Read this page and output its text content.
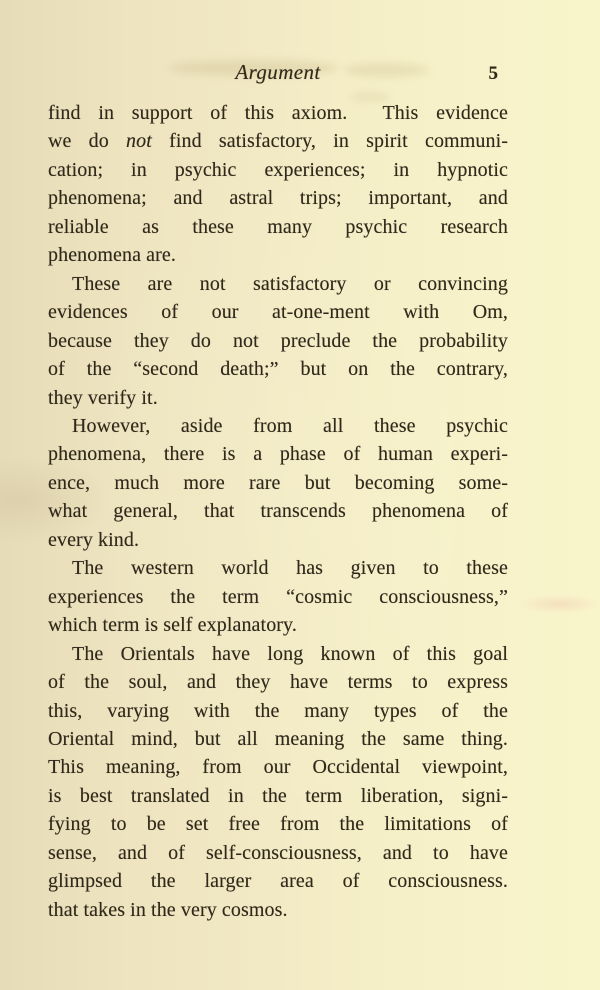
Argument	5
find in support of this axiom.  This evidence
we do not find satisfactory, in spirit communi-
cation; in psychic experiences; in hypnotic
phenomena; and astral trips; important, and
reliable as these many psychic research
phenomena are.
These are not satisfactory or convincing
evidences of our at-one-ment with Om,
because they do not preclude the probability
of the “second death;” but on the contrary,
they verify it.
However, aside from all these psychic
phenomena, there is a phase of human experi-
ence, much more rare but becoming some-
what general, that transcends phenomena of
every kind.
The western world has given to these
experiences the term “cosmic consciousness,”
which term is self explanatory.
The Orientals have long known of this goal
of the soul, and they have terms to express
this, varying with the many types of the
Oriental mind, but all meaning the same thing.
This meaning, from our Occidental viewpoint,
is best translated in the term liberation, signi-
fying to be set free from the limitations of
sense, and of self-consciousness, and to have
glimpsed the larger area of consciousness.
that takes in the very cosmos.
